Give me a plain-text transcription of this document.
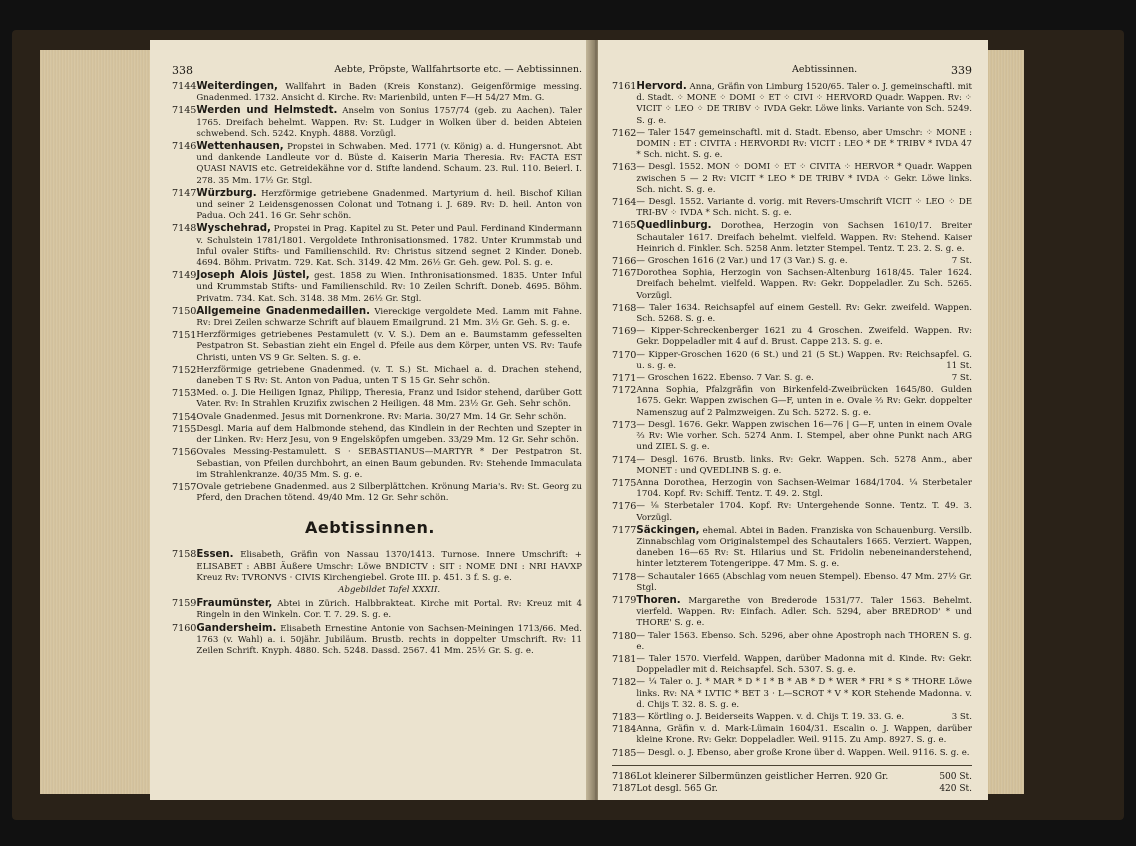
338	Aebte, Pröpste, Wallfahrtsorte etc. — Aebtissinnen.
7144 Weiterdingen, Wallfahrt in Baden (Kreis Konstanz). Geigenförmige messing. Gnadenmed. 1732. Ansicht d. Kirche. Rv: Marienbild, unten F—H 54/27 Mm. G.
7145 Werden und Helmstedt. Anselm von Sonius 1757/74 (geb. zu Aachen). Taler 1765. Dreifach behelmt. Wappen. Rv: St. Ludger in Wolken über d. beiden Abteien schwebend. Sch. 5242. Knyph. 4888. Vorzügl.
7146 Wettenhausen, Propstei in Schwaben. Med. 1771 (v. König) a. d. Hungersnot. Abt und dankende Landleute vor d. Büste d. Kaiserin Maria Theresia. Rv: FACTA EST QUASI NAVIS etc. Getreidekähne vor d. Stifte landend. Schaum. 23. Rul. 110. Beierl. I. 278. 35 Mm. 17½ Gr. Stgl.
7147 Würzburg. Herzförmige getriebene Gnadenmed. Martyrium d. heil. Bischof Kilian und seiner 2 Leidensgenossen Colonat und Totnang i. J. 689. Rv: D. heil. Anton von Padua. Och 241. 16 Gr. Sehr schön.
7148 Wyschehrad, Propstei in Prag. Kapitel zu St. Peter und Paul. Ferdinand Kindermann v. Schulstein 1781/1801. Vergoldete Inthronisationsmed. 1782. Unter Krummstab und Inful ovaler Stifts- und Familienschild. Rv: Christus sitzend segnet 2 Kinder. Doneb. 4694. Böhm. Privatm. 729. Kat. Sch. 3149. 42 Mm. 26½ Gr. Geh. gew. Pol. S. g. e.
7149 Joseph Alois Jüstel, gest. 1858 zu Wien. Inthronisationsmed. 1835. Unter Inful und Krummstab Stifts- und Familienschild. Rv: 10 Zeilen Schrift. Doneb. 4695. Böhm. Privatm. 734. Kat. Sch. 3148. 38 Mm. 26½ Gr. Stgl.
7150 Allgemeine Gnadenmedaillen. Viereckige vergoldete Med. Lamm mit Fahne. Rv: Drei Zeilen schwarze Schrift auf blauem Emailgrund. 21 Mm. 3½ Gr. Geh. S. g. e.
7151 Herzförmiges getriebenes Pestamulett (v. V. S.). Dem an e. Baumstamm gefesselten Pestpatron St. Sebastian zieht ein Engel d. Pfeile aus dem Körper, unten VS. Rv: Taufe Christi, unten VS 9 Gr. Selten. S. g. e.
7152 Herzförmige getriebene Gnadenmed. (v. T. S.) St. Michael a. d. Drachen stehend, daneben T S Rv: St. Anton von Padua, unten T S 15 Gr. Sehr schön.
7153 Med. o. J. Die Heiligen Ignaz, Philipp, Theresia, Franz und Isidor stehend, darüber Gott Vater. Rv: In Strahlen Kruzifix zwischen 2 Heiligen. 48 Mm. 23½ Gr. Geh. Sehr schön.
7154 Ovale Gnadenmed. Jesus mit Dornenkrone. Rv: Maria. 30/27 Mm. 14 Gr. Sehr schön.
7155 Desgl. Maria auf dem Halbmonde stehend, das Kindlein in der Rechten und Szepter in der Linken. Rv: Herz Jesu, von 9 Engelsköpfen umgeben. 33/29 Mm. 12 Gr. Sehr schön.
7156 Ovales Messing-Pestamulett. S · SEBASTIANUS—MARTYR * Der Pestpatron St. Sebastian, von Pfeilen durchbohrt, an einen Baum gebunden. Rv: Stehende Immaculata im Strahlenkranze. 40/35 Mm. S. g. e.
7157 Ovale getriebene Gnadenmed. aus 2 Silberplättchen. Krönung Maria's. Rv: St. Georg zu Pferd, den Drachen tötend. 49/40 Mm. 12 Gr. Sehr schön.
Aebtissinnen.
7158 Essen. Elisabeth, Gräfin von Nassau 1370/1413. Turnose. Innere Umschrift: + ELISABET : ABBI Äußere Umschr: Löwe BNDICTV : SIT : NOME DNI : NRI HAVXP Kreuz Rv: TVRONVS · CIVIS Kirchengiebel. Grote III. p. 451. 3 f. S. g. e.
Abgebildet Tafel XXXII.
7159 Fraumünster, Abtei in Zürich. Halbbrakteat. Kirche mit Portal. Rv: Kreuz mit 4 Ringeln in den Winkeln. Cor. T. 7. 29. S. g. e.
7160 Gandersheim. Elisabeth Ernestine Antonie von Sachsen-Meiningen 1713/66. Med. 1763 (v. Wahl) a. i. 50jähr. Jubiläum. Brustb. rechts in doppelter Umschrift. Rv: 11 Zeilen Schrift. Knyph. 4880. Sch. 5248. Dassd. 2567. 41 Mm. 25½ Gr. S. g. e.
Aebtissinnen.	339
7161 Hervord. Anna, Gräfin von Limburg 1520/65. Taler o. J. gemeinschaftl. mit d. Stadt. ⁘ MONE ⁘ DOMI ⁘ ET ⁘ CIVI ⁘ HERVORD Quadr. Wappen. Rv: ⁘ VICIT ⁘ LEO ⁘ DE TRIBV ⁘ IVDA Gekr. Löwe links. Variante von Sch. 5249. S. g. e.
7162 — Taler 1547 gemeinschaftl. mit d. Stadt. Ebenso, aber Umschr: ⁘ MONE : DOMIN : ET : CIVITA : HERVORDI Rv: VICIT : LEO * DE * TRIBV * IVDA 47 * Sch. nicht. S. g. e.
7163 — Desgl. 1552. MON ⁘ DOMI ⁘ ET ⁘ CIVITA ⁘ HERVOR * Quadr. Wappen zwischen 5 — 2 Rv: VICIT * LEO * DE TRIBV * IVDA ⁘ Gekr. Löwe links. Sch. nicht. S. g. e.
7164 — Desgl. 1552. Variante d. vorig. mit Revers-Umschrift VICIT ⁘ LEO ⁘ DE TRI-BV ⁘ IVDA * Sch. nicht. S. g. e.
7165 Quedlinburg. Dorothea, Herzogin von Sachsen 1610/17. Breiter Schautaler 1617. Dreifach behelmt. vielfeld. Wappen. Rv: Stehend. Kaiser Heinrich d. Finkler. Sch. 5258 Anm. letzter Stempel. Tentz. T. 23. 2. S. g. e.
7166 — Groschen 1616 (2 Var.) und 17 (3 Var.) S. g. e.	7 St.
7167 Dorothea Sophia, Herzogin von Sachsen-Altenburg 1618/45. Taler 1624. Dreifach behelmt. vielfeld. Wappen. Rv: Gekr. Doppeladler. Zu Sch. 5265. Vorzügl.
7168 — Taler 1634. Reichsapfel auf einem Gestell. Rv: Gekr. zweifeld. Wappen. Sch. 5268. S. g. e.
7169 — Kipper-Schreckenberger 1621 zu 4 Groschen. Zweifeld. Wappen. Rv: Gekr. Doppeladler mit 4 auf d. Brust. Cappe 213. S. g. e.
7170 — Kipper-Groschen 1620 (6 St.) und 21 (5 St.) Wappen. Rv: Reichsapfel. G. u. s. g. e.	11 St.
7171 — Groschen 1622. Ebenso. 7 Var. S. g. e.	7 St.
7172 Anna Sophia, Pfalzgräfin von Birkenfeld-Zweibrücken 1645/80. Gulden 1675. Gekr. Wappen zwischen G—F, unten in e. Ovale ⅔ Rv: Gekr. doppelter Namenszug auf 2 Palmzweigen. Zu Sch. 5272. S. g. e.
7173 — Desgl. 1676. Gekr. Wappen zwischen 16—76 | G—F, unten in einem Ovale ⅔ Rv: Wie vorher. Sch. 5274 Anm. I. Stempel, aber ohne Punkt nach ARG und ZIEL S. g. e.
7174 — Desgl. 1676. Brustb. links. Rv: Gekr. Wappen. Sch. 5278 Anm., aber MONET : und QVEDLINB S. g. e.
7175 Anna Dorothea, Herzogin von Sachsen-Weimar 1684/1704. ¼ Sterbetaler 1704. Kopf. Rv: Schiff. Tentz. T. 49. 2. Stgl.
7176 — ⅛ Sterbetaler 1704. Kopf. Rv: Untergehende Sonne. Tentz. T. 49. 3. Vorzügl.
7177 Säckingen, ehemal. Abtei in Baden. Franziska von Schauenburg. Versilb. Zinnabschlag vom Originalstempel des Schautalers 1665. Verziert. Wappen, daneben 16—65 Rv: St. Hilarius und St. Fridolin nebeneinanderstehend, hinter letzterem Totengerippe. 47 Mm. S. g. e.
7178 — Schautaler 1665 (Abschlag vom neuen Stempel). Ebenso. 47 Mm. 27½ Gr. Stgl.
7179 Thoren. Margarethe von Brederode 1531/77. Taler 1563. Behelmt. vierfeld. Wappen. Rv: Einfach. Adler. Sch. 5294, aber BREDROD' * und THORE' S. g. e.
7180 — Taler 1563. Ebenso. Sch. 5296, aber ohne Apostroph nach THOREN S. g. e.
7181 — Taler 1570. Vierfeld. Wappen, darüber Madonna mit d. Kinde. Rv: Gekr. Doppeladler mit d. Reichsapfel. Sch. 5307. S. g. e.
7182 — ¼ Taler o. J. * MAR * D * I * B * AB * D * WER * FRI * S * THORE Löwe links. Rv: NA * LVTIC * BET 3 · L—SCROT * V * KOR Stehende Madonna. v. d. Chijs T. 32. 8. S. g. e.
7183 — Körtling o. J. Beiderseits Wappen. v. d. Chijs T. 19. 33. G. e.	3 St.
7184 Anna, Gräfin v. d. Mark-Lümain 1604/31. Escalin o. J. Wappen, darüber kleine Krone. Rv: Gekr. Doppeladler. Weil. 9115. Zu Amp. 8927. S. g. e.
7185 — Desgl. o. J. Ebenso, aber große Krone über d. Wappen. Weil. 9116. S. g. e.
7186 Lot kleinerer Silbermünzen geistlicher Herren. 920 Gr.	500 St.
7187 Lot desgl. 565 Gr.	420 St.
